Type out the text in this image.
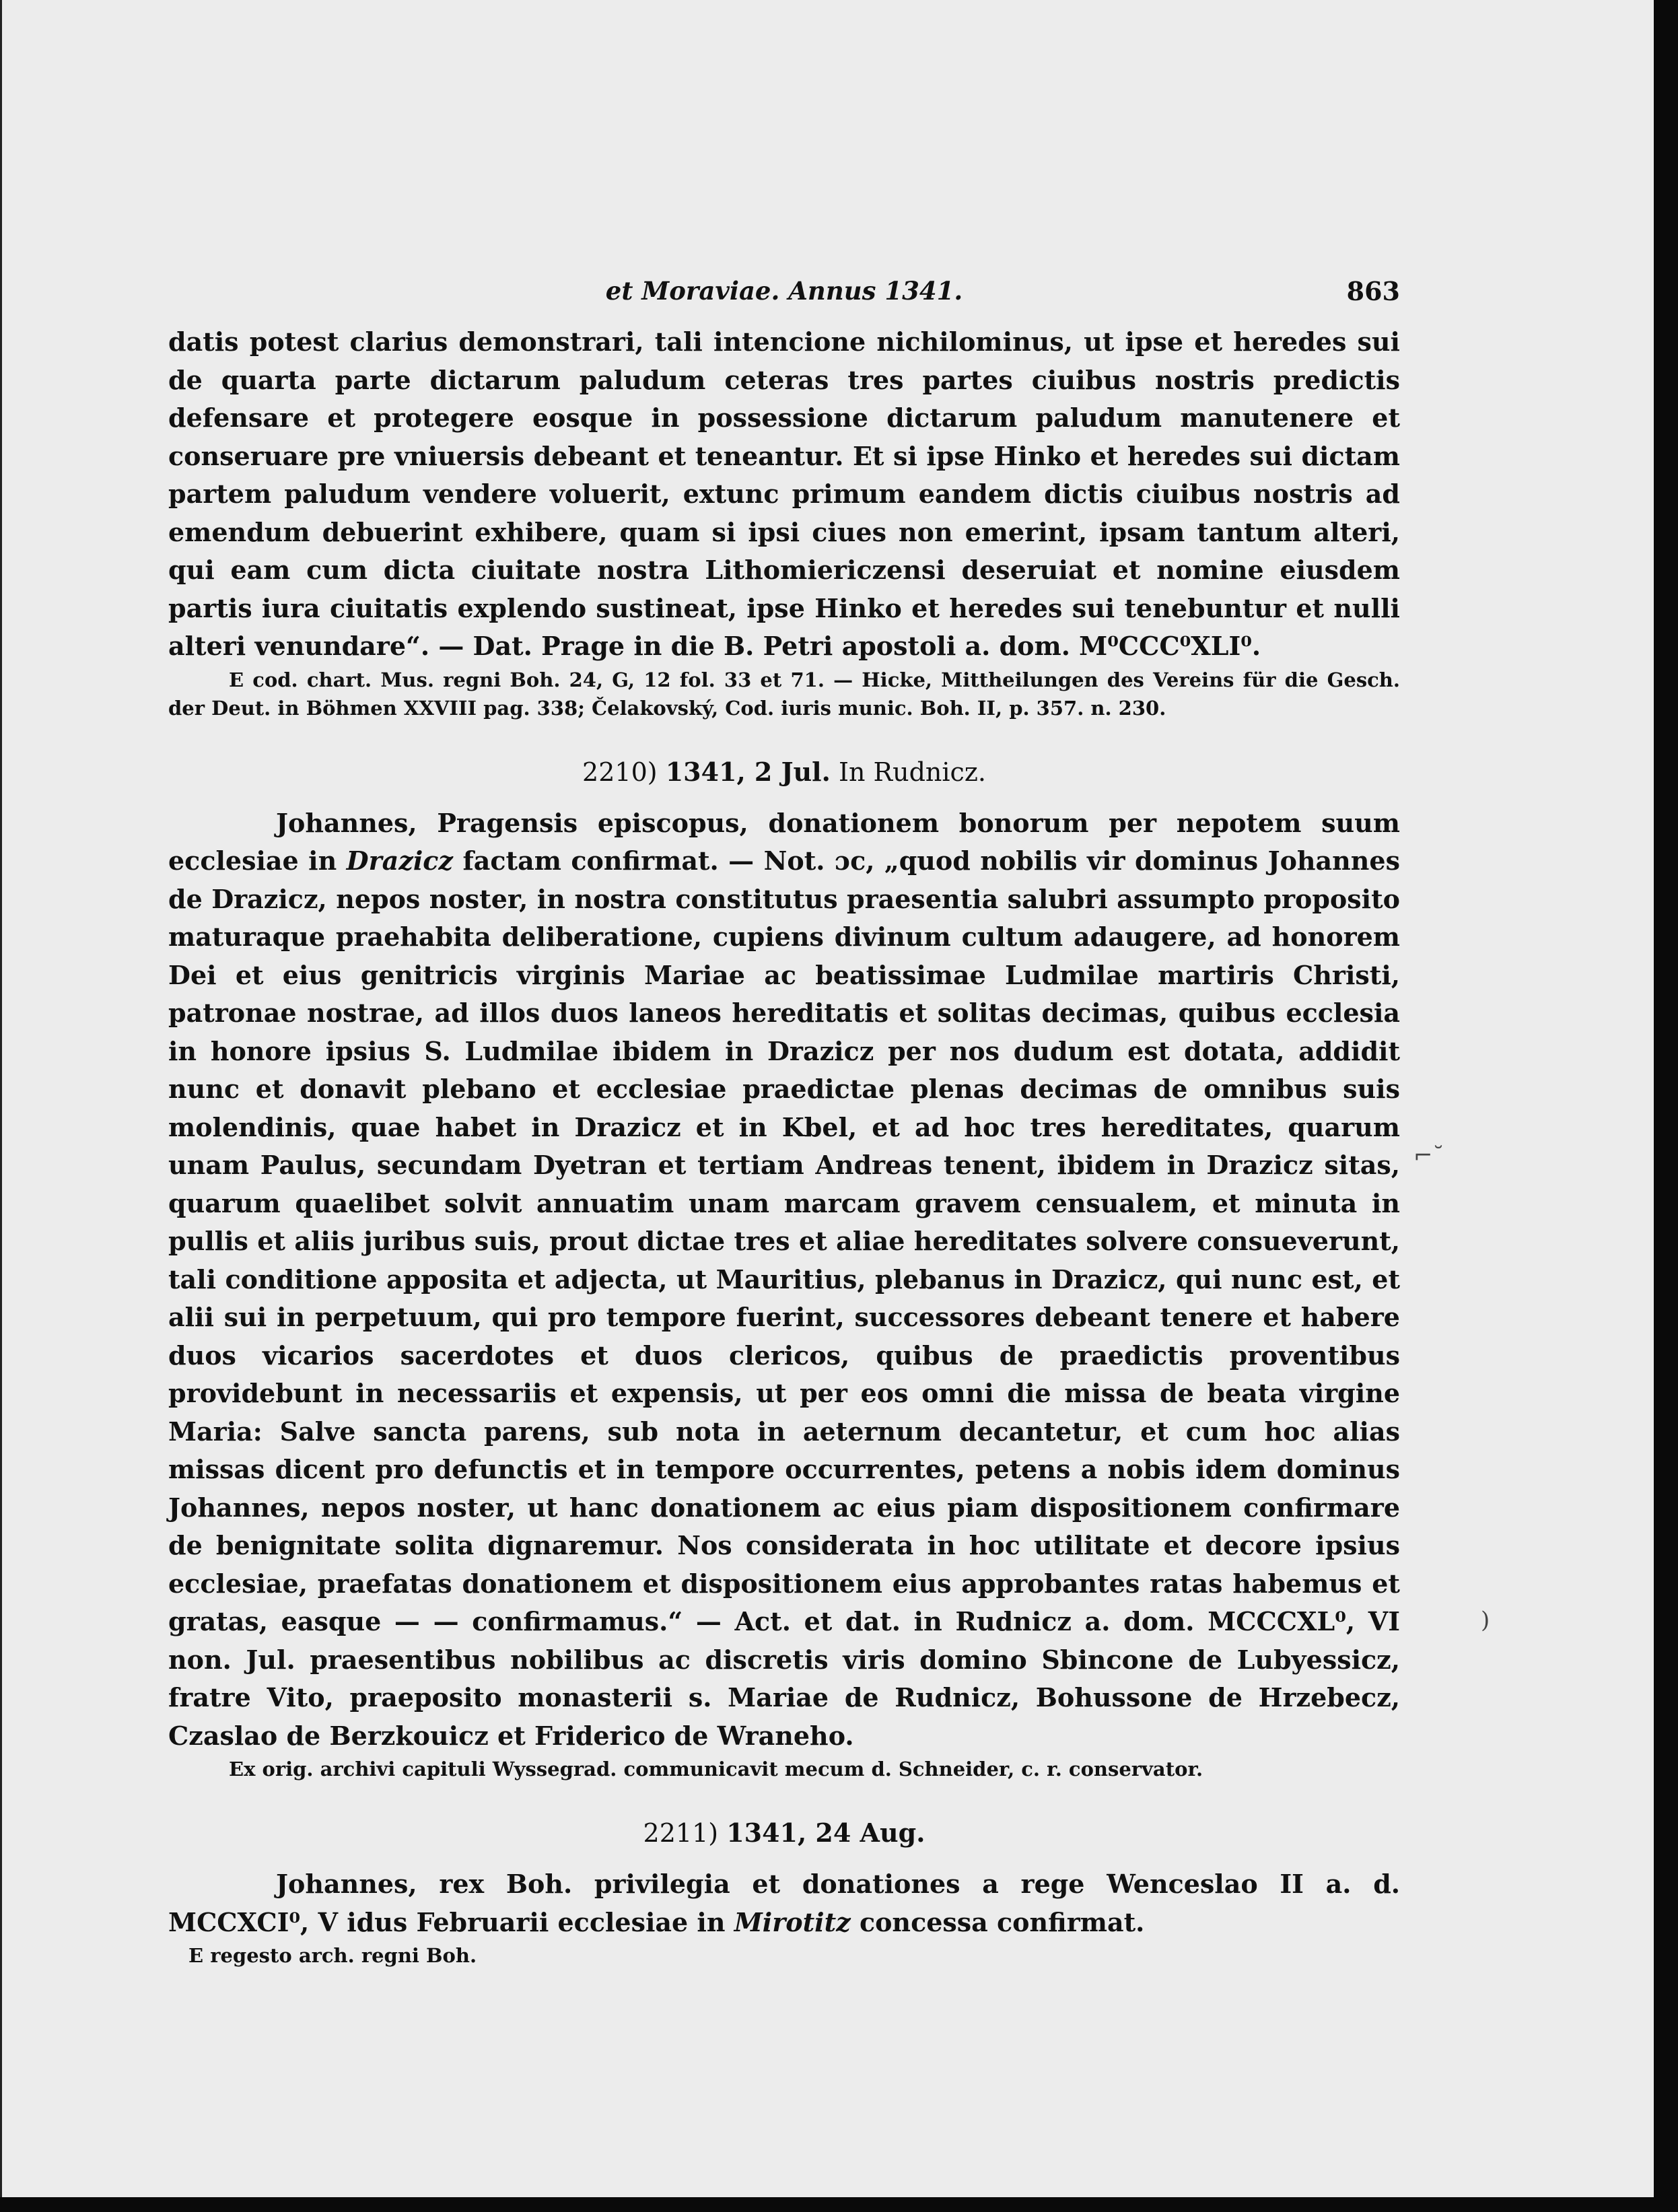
⌐˘
)
et Moraviae. Annus 1341.	863

datis potest clarius demonstrari, tali intencione nichilominus, ut ipse et heredes sui de quarta parte dictarum paludum ceteras tres partes ciuibus nostris predictis defensare et protegere eosque in possessione dictarum paludum manutenere et conseruare pre vniuersis debeant et teneantur. Et si ipse Hinko et heredes sui dictam partem paludum vendere voluerit, extunc primum eandem dictis ciuibus nostris ad emendum debuerint exhibere, quam si ipsi ciues non emerint, ipsam tantum alteri, qui eam cum dicta ciuitate nostra Lithomiericzensi deseruiat et nomine eiusdem partis iura ciuitatis explendo sustineat, ipse Hinko et heredes sui tenebuntur et nulli alteri venundare“. — Dat. Prage in die B. Petri apostoli a. dom. M⁰CCC⁰XLI⁰.

E cod. chart. Mus. regni Boh. 24, G, 12 fol. 33 et 71. — Hicke, Mittheilungen des Vereins für die Gesch. der Deut. in Böhmen XXVIII pag. 338; Čelakovský, Cod. iuris munic. Boh. II, p. 357. n. 230.

2210) 1341, 2 Jul. In Rudnicz.

Johannes, Pragensis episcopus, donationem bonorum per nepotem suum ecclesiae in Drazicz factam confirmat. — Not. ɔc, „quod nobilis vir dominus Johannes de Drazicz, nepos noster, in nostra constitutus praesentia salubri assumpto proposito maturaque praehabita deliberatione, cupiens divinum cultum adaugere, ad honorem Dei et eius genitricis virginis Mariae ac beatissimae Ludmilae martiris Christi, patronae nostrae, ad illos duos laneos hereditatis et solitas decimas, quibus ecclesia in honore ipsius S. Ludmilae ibidem in Drazicz per nos dudum est dotata, addidit nunc et donavit plebano et ecclesiae praedictae plenas decimas de omnibus suis molendinis, quae habet in Drazicz et in Kbel, et ad hoc tres hereditates, quarum unam Paulus, secundam Dyetran et tertiam Andreas tenent, ibidem in Drazicz sitas, quarum quaelibet solvit annuatim unam marcam gravem censualem, et minuta in pullis et aliis juribus suis, prout dictae tres et aliae hereditates solvere consueverunt, tali conditione apposita et adjecta, ut Mauritius, plebanus in Drazicz, qui nunc est, et alii sui in perpetuum, qui pro tempore fuerint, successores debeant tenere et habere duos vicarios sacerdotes et duos clericos, quibus de praedictis proventibus providebunt in necessariis et expensis, ut per eos omni die missa de beata virgine Maria: Salve sancta parens, sub nota in aeternum decantetur, et cum hoc alias missas dicent pro defunctis et in tempore occurrentes, petens a nobis idem dominus Johannes, nepos noster, ut hanc donationem ac eius piam dispositionem confirmare de benignitate solita dignaremur. Nos considerata in hoc utilitate et decore ipsius ecclesiae, praefatas donationem et dispositionem eius approbantes ratas habemus et gratas, easque — — confirmamus.“ — Act. et dat. in Rudnicz a. dom. MCCCXL⁰, VI non. Jul. praesentibus nobilibus ac discretis viris domino Sbincone de Lubyessicz, fratre Vito, praeposito monasterii s. Mariae de Rudnicz, Bohussone de Hrzebecz, Czaslao de Berzkouicz et Friderico de Wraneho.

Ex orig. archivi capituli Wyssegrad. communicavit mecum d. Schneider, c. r. conservator.

2211) 1341, 24 Aug.

Johannes, rex Boh. privilegia et donationes a rege Wenceslao II a. d. MCCXCI⁰, V idus Februarii ecclesiae in Mirotitz concessa confirmat.

E regesto arch. regni Boh.
